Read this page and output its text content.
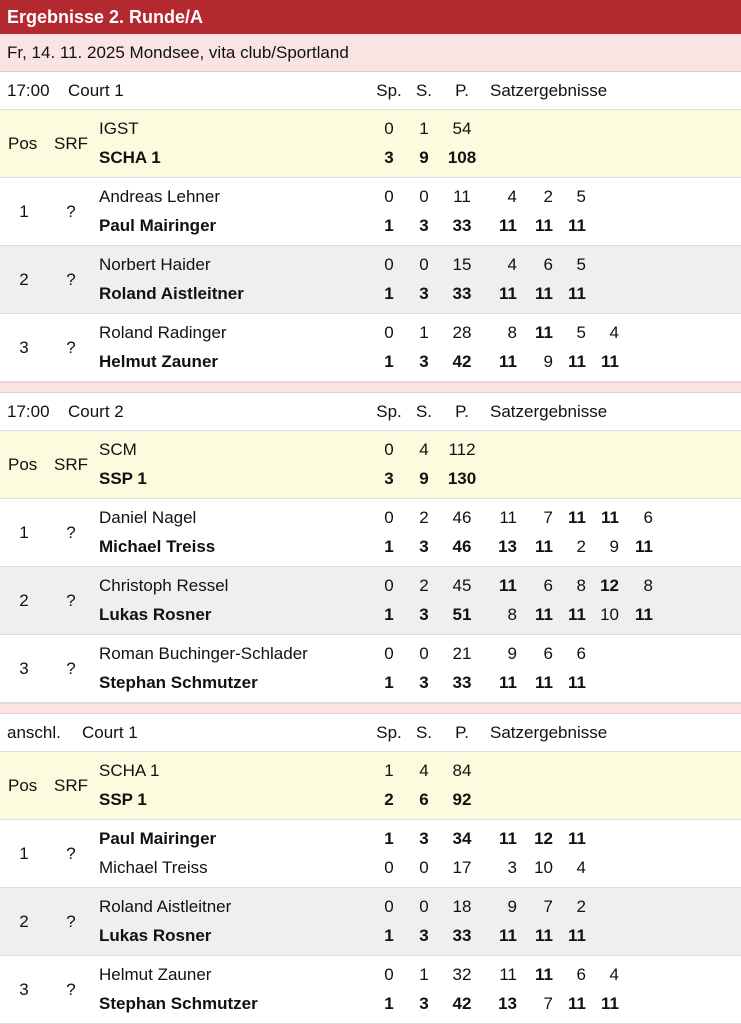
Ergebnisse 2. Runde/A
Fr, 14. 11. 2025 Mondsee, vita club/Sportland
17:00 Court 1	Sp. S.	P.	Satzergebnisse
Pos SRF
IGST	0	1	54
SCHA 1	3	9	108
1	?
Andreas Lehner	0	0	11	4	2	5
Paul Mairinger	1	3	33	11	11 11
2	?
Norbert Haider	0	0	15	4	6	5
Roland Aistleitner	1	3	33	11	11 11
3	?
Roland Radinger	0	1	28	8	11	5	4
Helmut Zauner	1	3	42	11	9 11 11
17:00 Court 2	Sp. S.	P.	Satzergebnisse
Pos SRF
SCM	0	4	112
SSP 1	3	9	130
1	?
Daniel Nagel	0	2	46	11	7 11 11	6
Michael Treiss	1	3	46	13	11	2	9 11
2	?
Christoph Ressel	0	2	45	11	6	8 12	8
Lukas Rosner	1	3	51	8	11 11 10 11
3	?
Roman Buchinger-Schlader	0	0	21	9	6	6
Stephan Schmutzer	1	3	33	11	11 11
anschl. Court 1	Sp. S.	P.	Satzergebnisse
Pos SRF
SCHA 1	1	4	84
SSP 1	2	6	92
1	?
Paul Mairinger	1	3	34	11	12 11
Michael Treiss	0	0	17	3	10	4
2	?
Roland Aistleitner	0	0	18	9	7	2
Lukas Rosner	1	3	33	11	11 11
3	?
Helmut Zauner	0	1	32	11	11	6	4
Stephan Schmutzer	1	3	42	13	7 11 11
